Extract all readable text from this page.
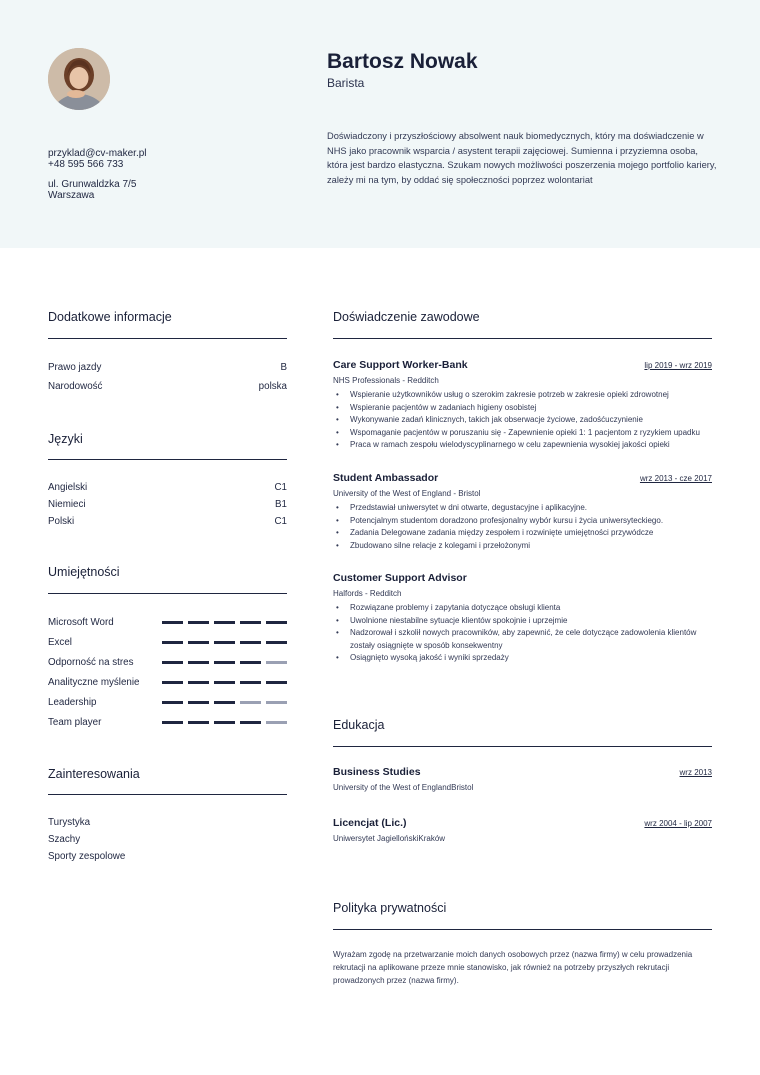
przyklad@cv-maker.pl
+48 595 566 733
ul. Grunwaldzka 7/5
Warszawa
Bartosz Nowak
Barista
Doświadczony i przyszłościowy absolwent nauk biomedycznych, który ma doświadczenie w NHS jako pracownik wsparcia / asystent terapii zajęciowej. Sumienna i przyziemna osoba, która jest bardzo elastyczna. Szukam nowych możliwości poszerzenia mojego portfolio kariery, zależy mi na tym, by oddać się społeczności poprzez wolontariat
Dodatkowe informacje
Prawo jazdy	B
Narodowość	polska
Języki
Angielski	C1
Niemieci	B1
Polski	C1
Umiejętności
Microsoft Word
Excel
Odporność na stres
Analityczne myślenie
Leadership
Team player
Zainteresowania
Turystyka
Szachy
Sporty zespolowe
Doświadczenie zawodowe
Care Support Worker-Bank	lip 2019 - wrz 2019
NHS Professionals - Redditch
• Wspieranie użytkowników usług o szerokim zakresie potrzeb w zakresie opieki zdrowotnej
• Wspieranie pacjentów w zadaniach higieny osobistej
• Wykonywanie zadań klinicznych, takich jak obserwacje życiowe, zadośćuczynienie
• Wspomaganie pacjentów w poruszaniu się - Zapewnienie opieki 1: 1 pacjentom z ryzykiem upadku
• Praca w ramach zespołu wielodyscyplinarnego w celu zapewnienia wysokiej jakości opieki
Student Ambassador	wrz 2013 - cze 2017
University of the West of England - Bristol
• Przedstawiał uniwersytet w dni otwarte, degustacyjne i aplikacyjne.
• Potencjalnym studentom doradzono profesjonalny wybór kursu i życia uniwersyteckiego.
• Zadania Delegowane zadania między zespołem i rozwinięte umiejętności przywódcze
• Zbudowano silne relacje z kolegami i przełożonymi
Customer Support Advisor
Halfords - Redditch
• Rozwiązane problemy i zapytania dotyczące obsługi klienta
• Uwolnione niestabilne sytuacje klientów spokojnie i uprzejmie
• Nadzorował i szkolił nowych pracowników, aby zapewnić, że cele dotyczące zadowolenia klientów zostały osiągnięte w sposób konsekwentny
• Osiągnięto wysoką jakość i wyniki sprzedaży
Edukacja
Business Studies	wrz 2013
University of the West of EnglandBristol
Licencjat (Lic.)	wrz 2004 - lip 2007
Uniwersytet JagiellońskiKraków
Polityka prywatności
Wyrażam zgodę na przetwarzanie moich danych osobowych przez (nazwa firmy) w celu prowadzenia rekrutacji na aplikowane przeze mnie stanowisko, jak również na potrzeby przyszłych rekrutacji prowadzonych przez (nazwa firmy).
